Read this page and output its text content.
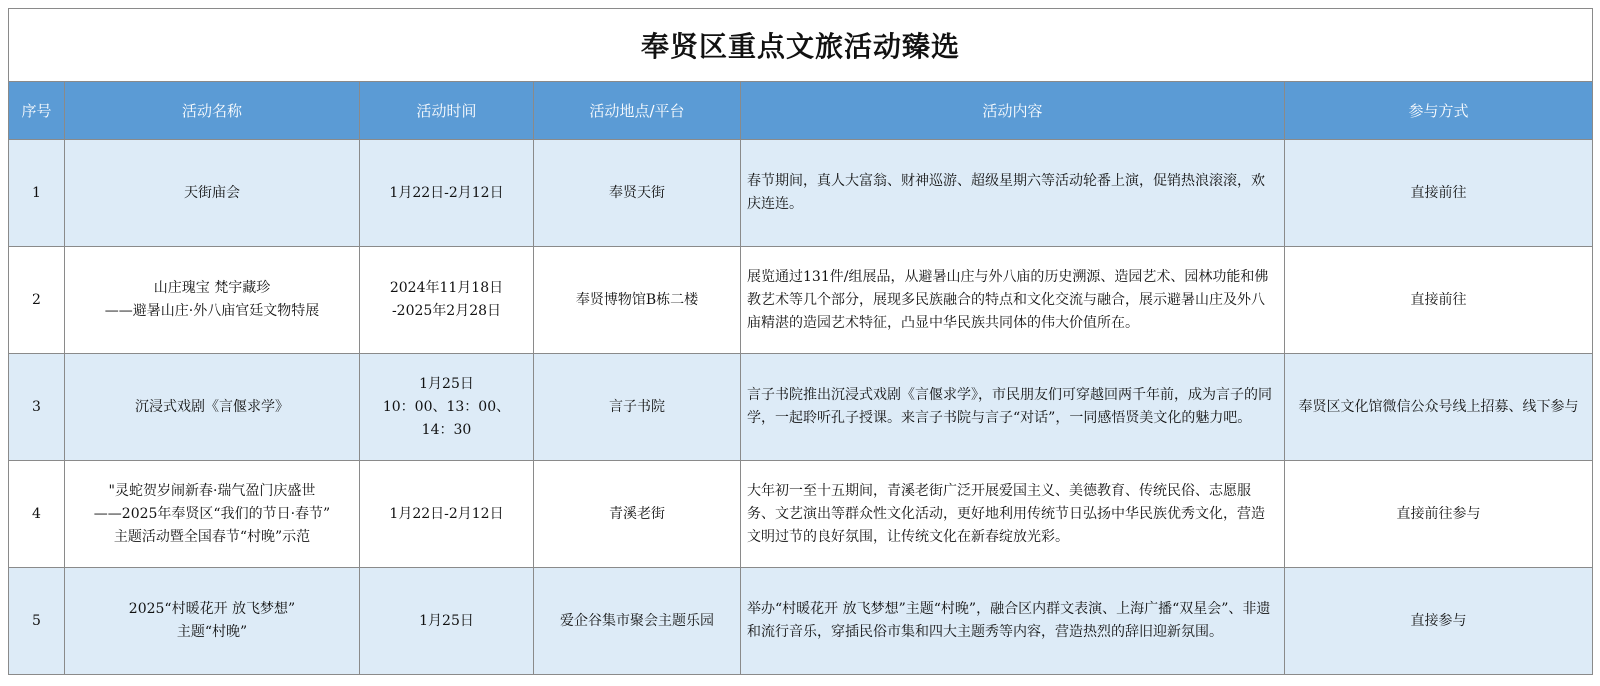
奉贤区重点文旅活动臻选					
序号	活动名称	活动时间	活动地点/平台	活动内容	参与方式
1	天街庙会	1月22日-2月12日	奉贤天街	春节期间，真人大富翁、财神巡游、超级星期六等活动轮番上演，促销热浪滚滚，欢庆连连。	直接前往
2	山庄瑰宝 梵宇藏珍
——避暑山庄·外八庙官廷文物特展	2024年11月18日
-2025年2月28日	奉贤博物馆B栋二楼	展览通过131件/组展品，从避暑山庄与外八庙的历史溯源、造园艺术、园林功能和佛教艺术等几个部分，展现多民族融合的特点和文化交流与融合，展示避暑山庄及外八庙精湛的造园艺术特征，凸显中华民族共同体的伟大价值所在。	直接前往
3	沉浸式戏剧《言偃求学》	1月25日
10：00、13：00、
14：30	言子书院	言子书院推出沉浸式戏剧《言偃求学》，市民朋友们可穿越回两千年前，成为言子的同学，一起聆听孔子授课。来言子书院与言子“对话”，一同感悟贤美文化的魅力吧。	奉贤区文化馆微信公众号线上招募、线下参与
4	"灵蛇贺岁闹新春·瑞气盈门庆盛世
——2025年奉贤区“我们的节日·春节”
主题活动暨全国春节“村晚”示范	1月22日-2月12日	青溪老街	大年初一至十五期间，青溪老街广泛开展爱国主义、美德教育、传统民俗、志愿服务、文艺演出等群众性文化活动，更好地利用传统节日弘扬中华民族优秀文化，营造文明过节的良好氛围，让传统文化在新春绽放光彩。	直接前往参与
5	2025“村暖花开 放飞梦想”
主题“村晚”	1月25日	爱企谷集市聚会主题乐园	举办“村暖花开 放飞梦想”主题“村晚”，融合区内群文表演、上海广播“双星会”、非遗和流行音乐，穿插民俗市集和四大主题秀等内容，营造热烈的辞旧迎新氛围。	直接参与
